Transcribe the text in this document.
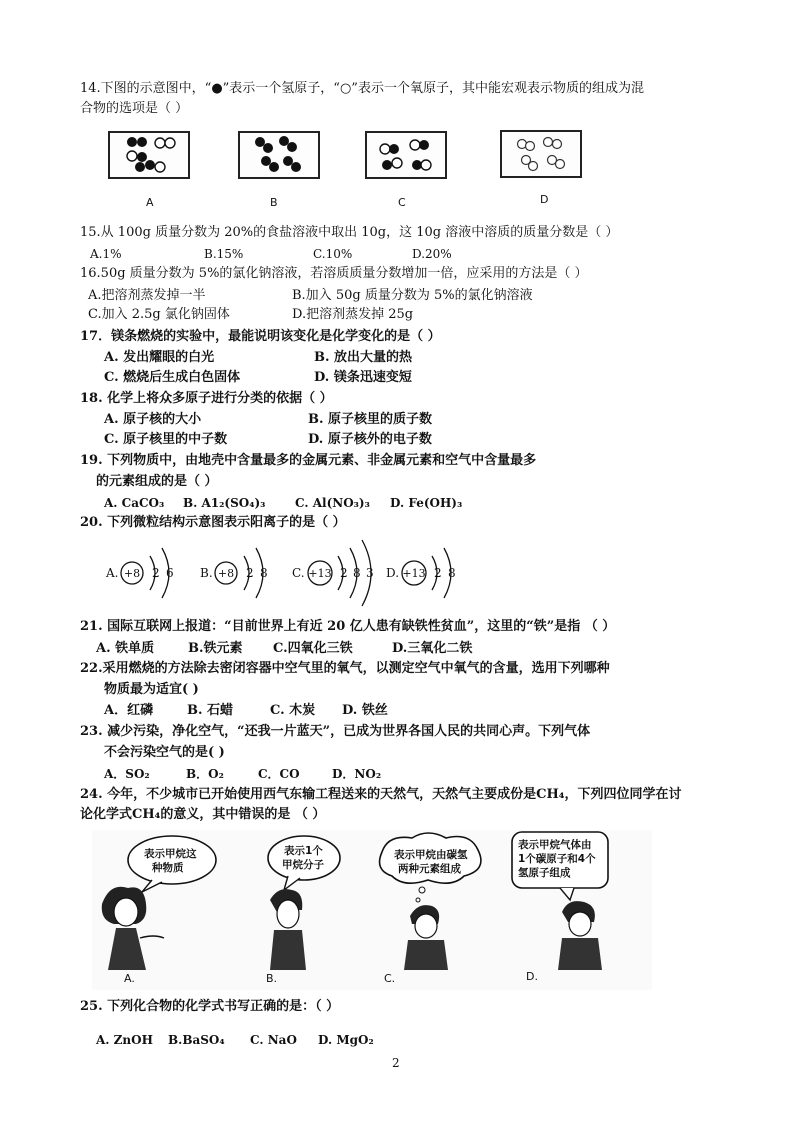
14.下图的示意图中，“●”表示一个氢原子，“○”表示一个氧原子，其中能宏观表示物质的组成为混
合物的选项是（ ）
A	B	C	D
15.从 100g 质量分数为 20%的食盐溶液中取出 10g，这 10g 溶液中溶质的质量分数是（ ）
A.1%	B.15%	C.10%	D.20%
16.50g 质量分数为 5%的氯化钠溶液，若溶质质量分数增加一倍，应采用的方法是（ ）
A.把溶剂蒸发掉一半	B.加入 50g 质量分数为 5%的氯化钠溶液
C.加入 2.5g 氯化钠固体	D.把溶剂蒸发掉 25g
17．镁条燃烧的实验中，最能说明该变化是化学变化的是（ ）
A. 发出耀眼的白光	B. 放出大量的热
C. 燃烧后生成白色固体	D. 镁条迅速变短
18. 化学上将众多原子进行分类的依据（ ）
A. 原子核的大小	B. 原子核里的质子数
C. 原子核里的中子数	D. 原子核外的电子数
19. 下列物质中，由地壳中含量最多的金属元素、非金属元素和空气中含量最多
的元素组成的是（ ）
A. CaCO₃ B. A1₂(SO₄)₃ C. Al(NO₃)₃ D. Fe(OH)₃
20. 下列微粒结构示意图表示阳离子的是（ ）
A. +8 2 6 B. +8 2 8 C. +13 2 8 3 D. +13 2 8
21. 国际互联网上报道：“目前世界上有近 20 亿人患有缺铁性贫血”，这里的“铁”是指 （ ）
A. 铁单质	B.铁元素 C.四氧化三铁	D.三氧化二铁
22.采用燃烧的方法除去密闭容器中空气里的氧气，以测定空气中氧气的含量，选用下列哪种
物质最为适宜( )
A．红磷	B. 石蜡	C. 木炭 D. 铁丝
23. 减少污染，净化空气，“还我一片蓝天”，已成为世界各国人民的共同心声。下列气体
不会污染空气的是( )
A．SO₂	B．O₂	C．CO	D．NO₂
24. 今年，不少城市已开始使用西气东输工程送来的天然气，天然气主要成份是CH₄，下列四位同学在讨
论化学式CH₄的意义，其中错误的是 （ ）
表示甲烷这
种物质
表示1个
甲烷分子
表示甲烷由碳氢
两种元素组成
表示甲烷气体由
1个碳原子和4个
氢原子组成
A.	B.	C.	D.
25. 下列化合物的化学式书写正确的是：（ ）
A. ZnOH B.BaSO₄ C. NaO D. MgO₂
2
